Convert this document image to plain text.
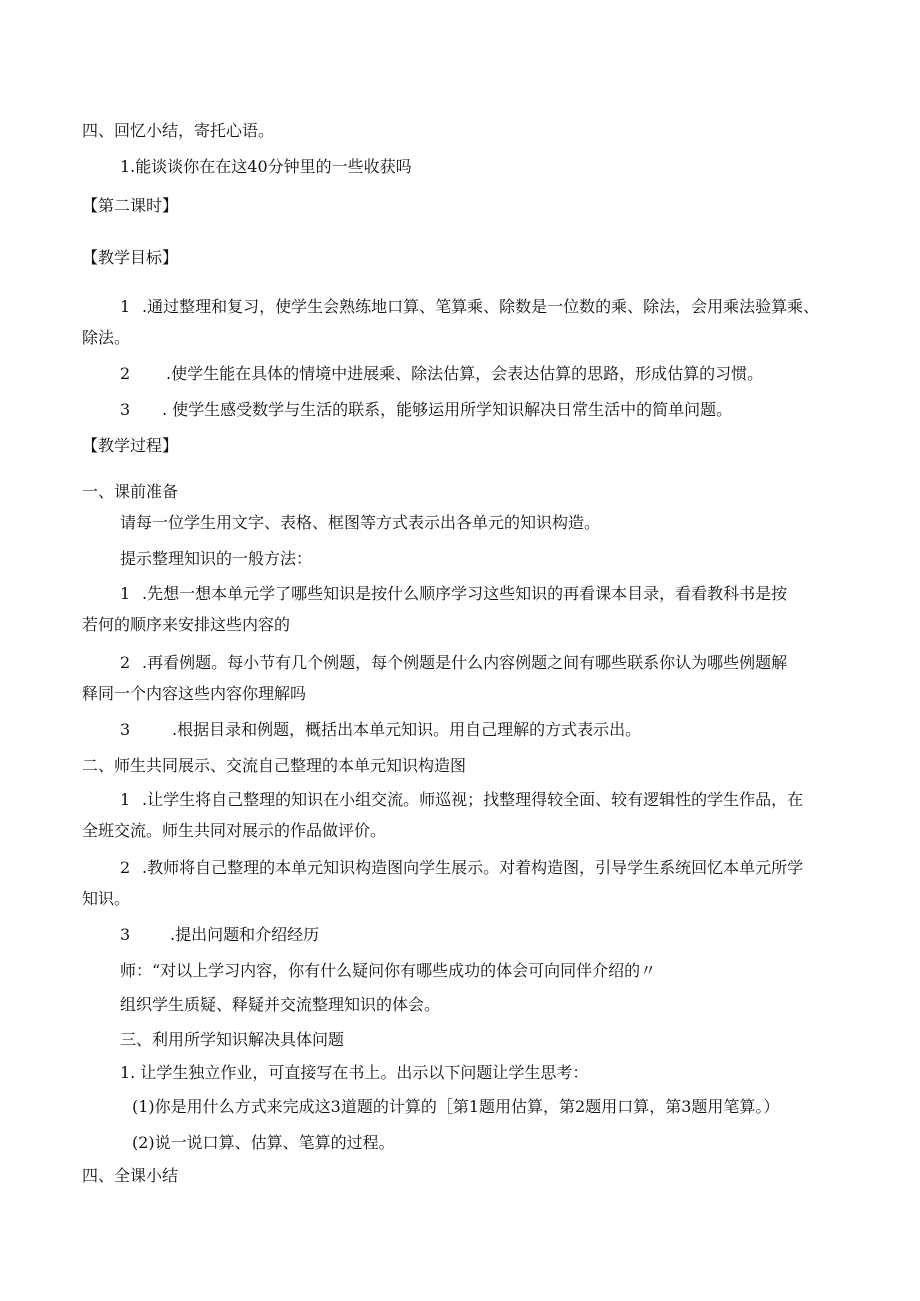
四、回忆小结，寄托心语。
1.能谈谈你在在这40分钟里的一些收获吗
【第二课时】
【教学目标】
1 .通过整理和复习，使学生会熟练地口算、笔算乘、除数是一位数的乘、除法，会用乘法验算乘、
除法。
2 .使学生能在具体的情境中进展乘、除法估算，会表达估算的思路，形成估算的习惯。
3 . 使学生感受数学与生活的联系，能够运用所学知识解决日常生活中的简单问题。
【教学过程】
一、课前准备
请每一位学生用文字、表格、框图等方式表示出各单元的知识构造。
提示整理知识的一般方法：
1 .先想一想本单元学了哪些知识是按什么顺序学习这些知识的再看课本目录，看看教科书是按
若何的顺序来安排这些内容的
2 .再看例题。每小节有几个例题，每个例题是什么内容例题之间有哪些联系你认为哪些例题解
释同一个内容这些内容你理解吗
3	.根据目录和例题，概括出本单元知识。用自己理解的方式表示出。
二、师生共同展示、交流自己整理的本单元知识构造图
1 .让学生将自己整理的知识在小组交流。师巡视；找整理得较全面、较有逻辑性的学生作品，在
全班交流。师生共同对展示的作品做评价。
2 .教师将自己整理的本单元知识构造图向学生展示。对着构造图，引导学生系统回忆本单元所学
知识。
3 .提出问题和介绍经历
师：“对以上学习内容，你有什么疑问你有哪些成功的体会可向同伴介绍的〃
组织学生质疑、释疑并交流整理知识的体会。
三、利用所学知识解决具体问题
1. 让学生独立作业，可直接写在书上。出示以下问题让学生思考：
(1)你是用什么方式来完成这3道题的计算的［第1题用估算，第2题用口算，第3题用笔算。）
(2)说一说口算、估算、笔算的过程。
四、全课小结
